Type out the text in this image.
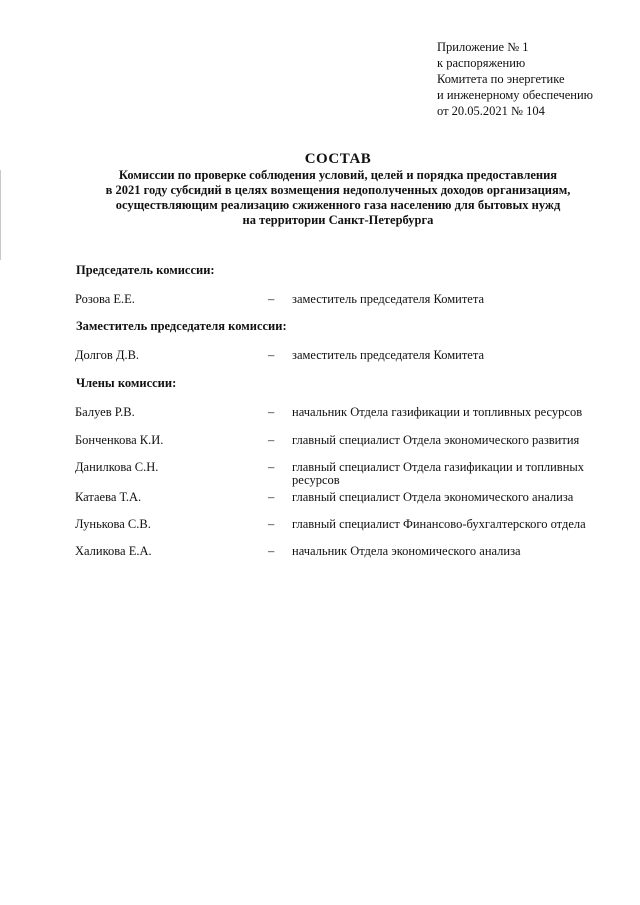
Приложение № 1
к распоряжению
Комитета по энергетике
и инженерному обеспечению
от 20.05.2021 № 104
СОСТАВ
Комиссии по проверке соблюдения условий, целей и порядка предоставления
в 2021 году субсидий в целях возмещения недополученных доходов организациям,
осуществляющим реализацию сжиженного газа населению для бытовых нужд
на территории Санкт-Петербурга
Председатель комиссии:
Розова Е.Е.	– заместитель председателя Комитета
Заместитель председателя комиссии:
Долгов Д.В.	– заместитель председателя Комитета
Члены комиссии:
Балуев Р.В.	– начальник Отдела газификации и топливных ресурсов
Бонченкова К.И.	– главный специалист Отдела экономического развития
Данилкова С.Н.	– главный специалист Отдела газификации и топливных ресурсов
Катаева Т.А.	– главный специалист Отдела экономического анализа
Лунькова С.В.	– главный специалист Финансово-бухгалтерского отдела
Халикова Е.А.	– начальник Отдела экономического анализа
